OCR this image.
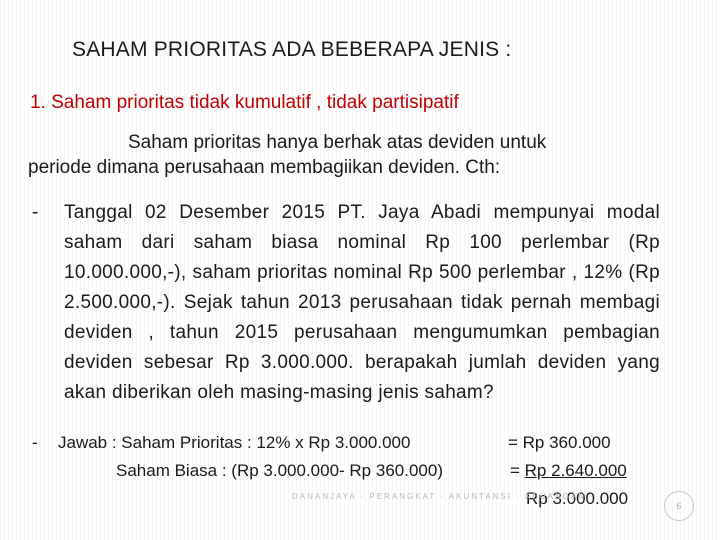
SAHAM PRIORITAS ADA BEBERAPA JENIS :
1. Saham prioritas tidak kumulatif , tidak partisipatif
Saham prioritas hanya berhak atas deviden untuk
periode dimana perusahaan membagiikan deviden. Cth:
- Tanggal 02 Desember 2015 PT. Jaya Abadi mempunyai modal saham dari saham biasa nominal Rp 100 perlembar (Rp 10.000.000,-), saham prioritas nominal Rp 500 perlembar , 12% (Rp 2.500.000,-). Sejak tahun 2013 perusahaan tidak pernah membagi deviden , tahun 2015 perusahaan mengumumkan pembagian deviden sebesar Rp 3.000.000. berapakah jumlah deviden yang akan diberikan oleh masing-masing jenis saham?
- Jawab : Saham Prioritas : 12% x Rp 3.000.000	= Rp 360.000
Saham Biasa : (Rp 3.000.000- Rp 360.000)	= Rp 2.640.000
Rp 3.000.000
DANANJAYA · PERANGKAT · AKUNTANSI · KEUANGAN
6
